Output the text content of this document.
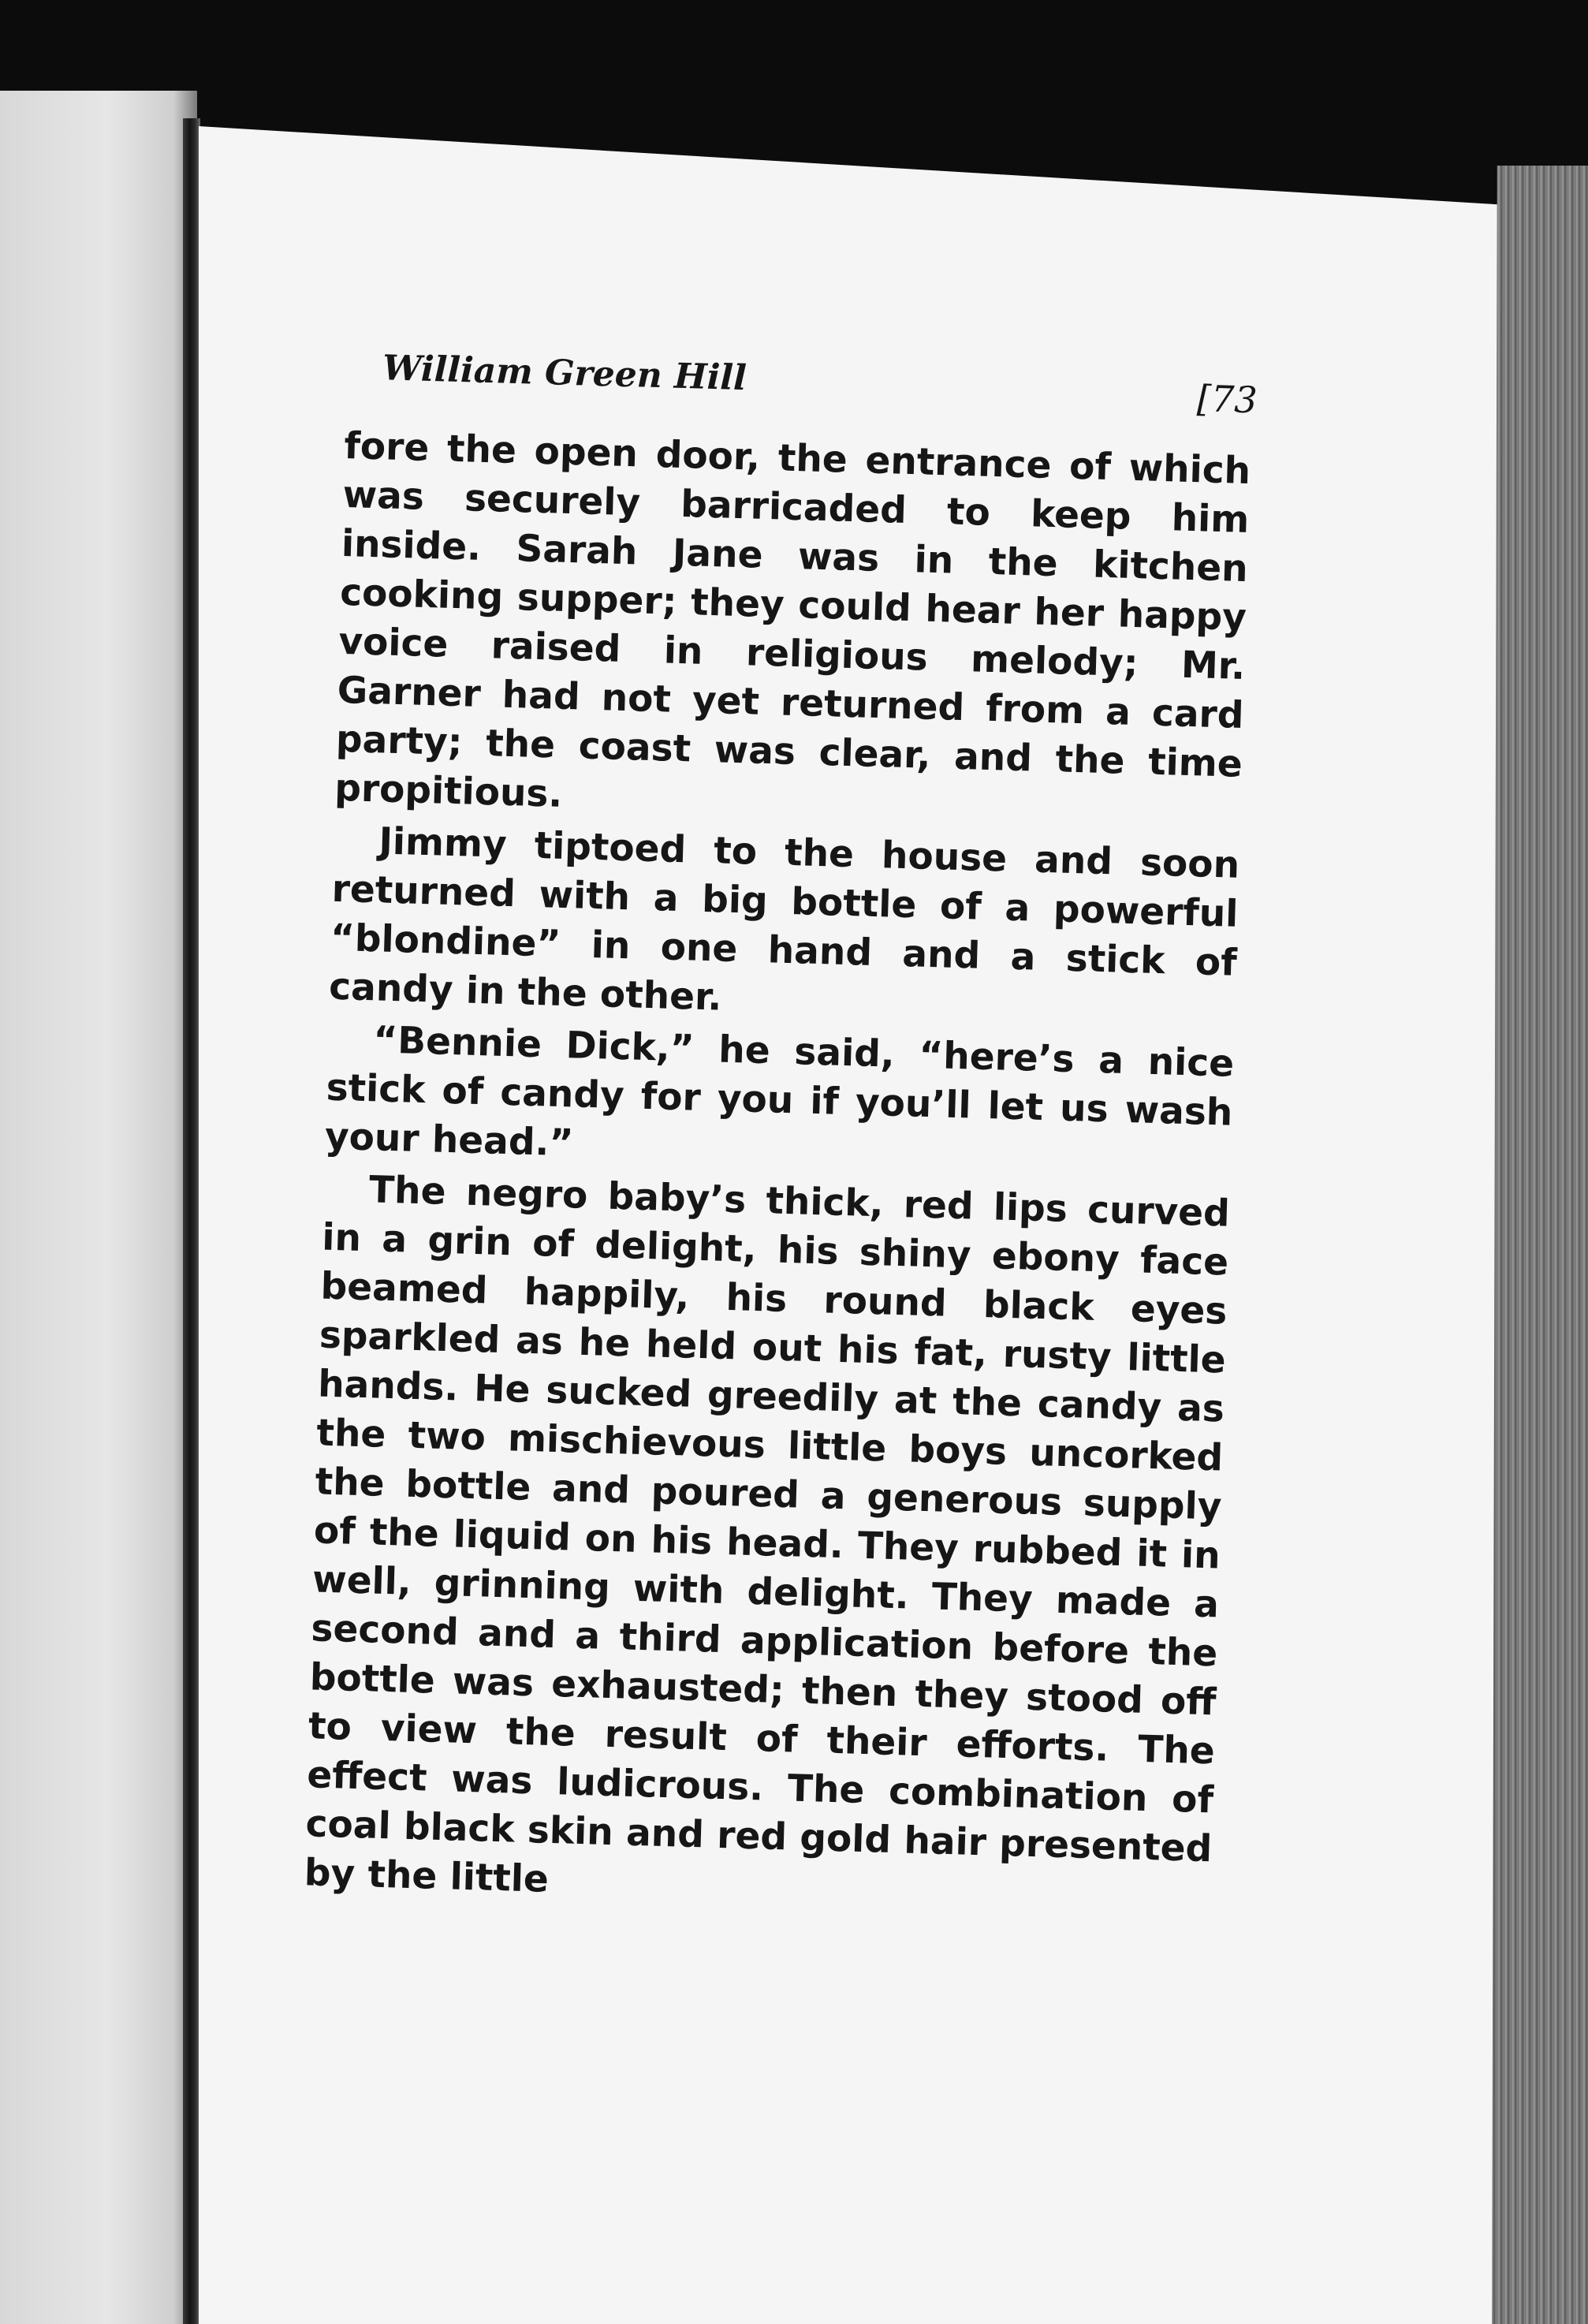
William Green Hill
[73

fore the open door, the entrance of which was securely barricaded to keep him inside. Sarah Jane was in the kitchen cooking supper; they could hear her happy voice raised in religious melody; Mr. Garner had not yet returned from a card party; the coast was clear, and the time propitious.

Jimmy tiptoed to the house and soon returned with a big bottle of a powerful “blondine” in one hand and a stick of candy in the other.

“Bennie Dick,” he said, “here’s a nice stick of candy for you if you’ll let us wash your head.”

The negro baby’s thick, red lips curved in a grin of delight, his shiny ebony face beamed happily, his round black eyes sparkled as he held out his fat, rusty little hands. He sucked greedily at the candy as the two mischievous little boys uncorked the bottle and poured a generous supply of the liquid on his head. They rubbed it in well, grinning with delight. They made a second and a third application before the bottle was exhausted; then they stood off to view the result of their efforts. The effect was ludicrous. The combination of coal black skin and red gold hair presented by the little
